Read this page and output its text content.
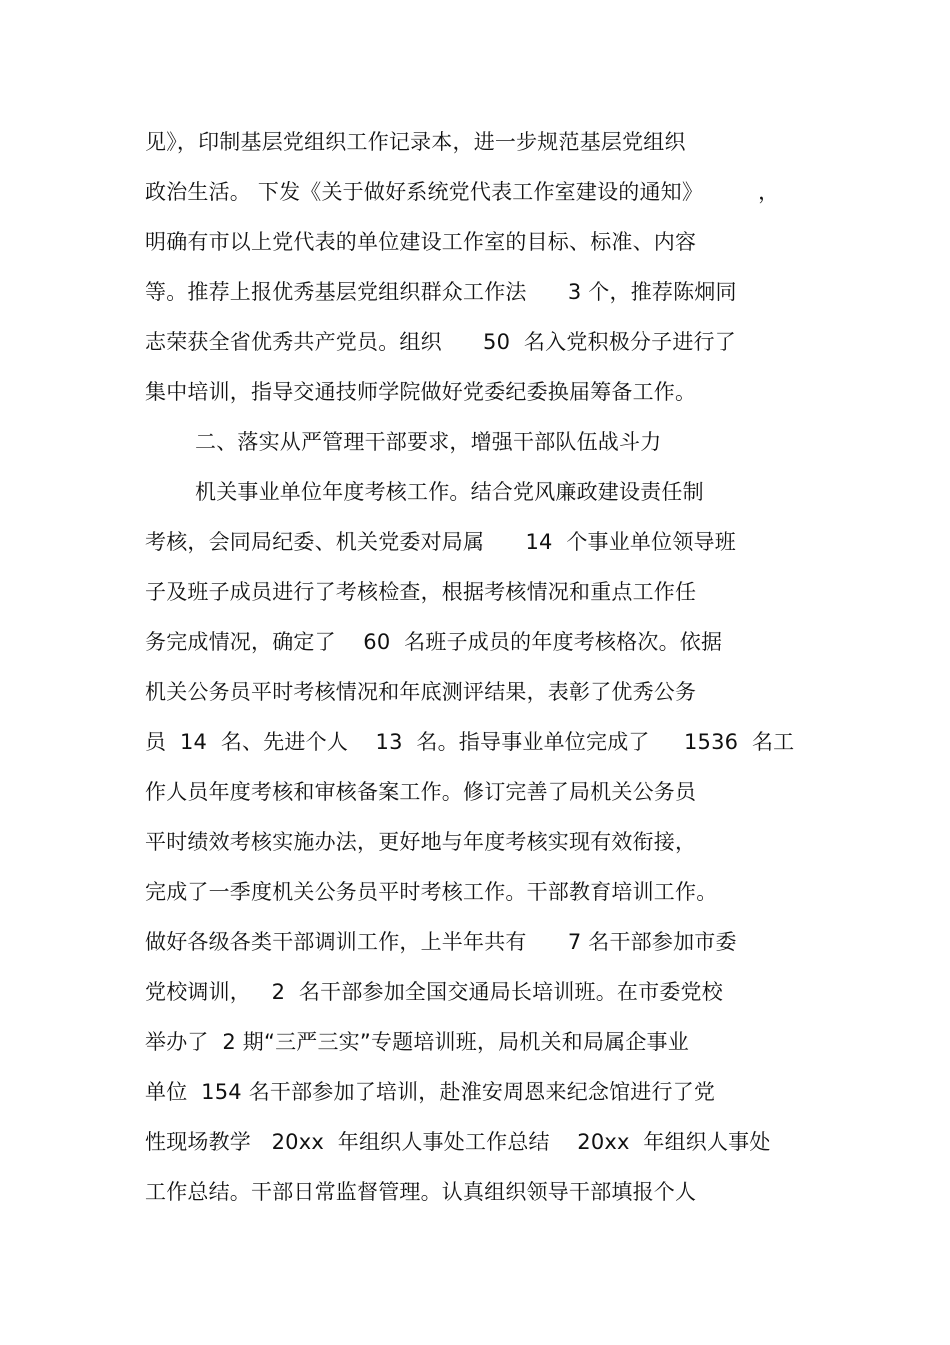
见》，印制基层党组织工作记录本，进一步规范基层党组织
政治生活。 下发《关于做好系统党代表工作室建设的通知》        ，
明确有市以上党代表的单位建设工作室的目标、标准、内容
等。推荐上报优秀基层党组织群众工作法      3 个，推荐陈炯同
志荣获全省优秀共产党员。组织      50  名入党积极分子进行了
集中培训，指导交通技师学院做好党委纪委换届筹备工作。
二、落实从严管理干部要求，增强干部队伍战斗力
机关事业单位年度考核工作。结合党风廉政建设责任制
考核，会同局纪委、机关党委对局属      14  个事业单位领导班
子及班子成员进行了考核检查，根据考核情况和重点工作任
务完成情况，确定了    60  名班子成员的年度考核格次。依据
机关公务员平时考核情况和年底测评结果，表彰了优秀公务
员  14  名、先进个人    13  名。指导事业单位完成了     1536  名工
作人员年度考核和审核备案工作。修订完善了局机关公务员
平时绩效考核实施办法，更好地与年度考核实现有效衔接，
完成了一季度机关公务员平时考核工作。干部教育培训工作。
做好各级各类干部调训工作，上半年共有      7 名干部参加市委
党校调训，   2  名干部参加全国交通局长培训班。在市委党校
举办了  2 期“三严三实”专题培训班，局机关和局属企事业
单位  154 名干部参加了培训，赴淮安周恩来纪念馆进行了党
性现场教学   20xx  年组织人事处工作总结    20xx  年组织人事处
工作总结。干部日常监督管理。认真组织领导干部填报个人
